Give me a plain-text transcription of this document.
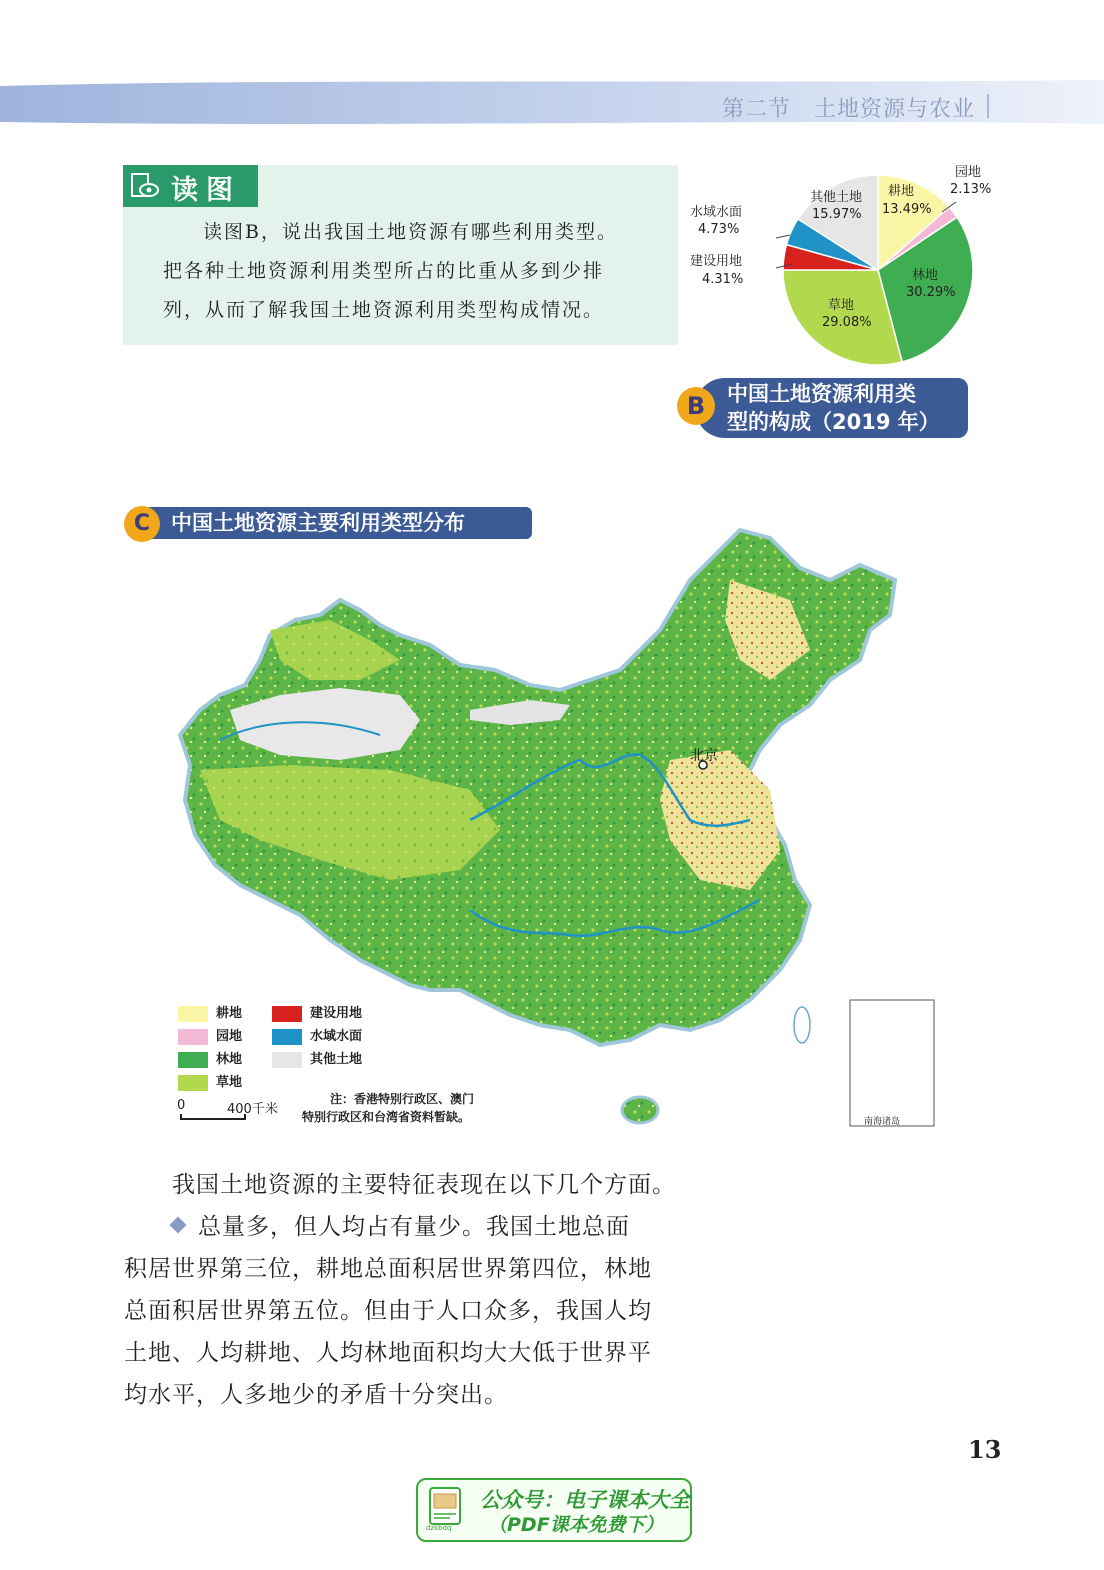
第二节　土地资源与农业
读图
读图B，说出我国土地资源有哪些利用类型。
把各种土地资源利用类型所占的比重从多到少排
列，从而了解我国土地资源利用类型构成情况。
其他土地
15.97%
耕地
13.49%
园地
2.13%
水域水面
4.73%
建设用地
4.31%	林地
30.29%
草地
29.08%
中国土地资源利用类
型的构成（2019 年）
B
中国土地资源主要利用类型分布
C
北京
南海诸岛
耕地
园地
林地
草地
建设用地
水域水面
其他土地
0	400千米
注：香港特别行政区、澳门
特别行政区和台湾省资料暂缺。
我国土地资源的主要特征表现在以下几个方面。
总量多，但人均占有量少。我国土地总面
积居世界第三位，耕地总面积居世界第四位，林地
总面积居世界第五位。但由于人口众多，我国人均
土地、人均耕地、人均林地面积均大大低于世界平
均水平，人多地少的矛盾十分突出。
13
dzkbdq
公众号：电子课本大全
（PDF课本免费下）
